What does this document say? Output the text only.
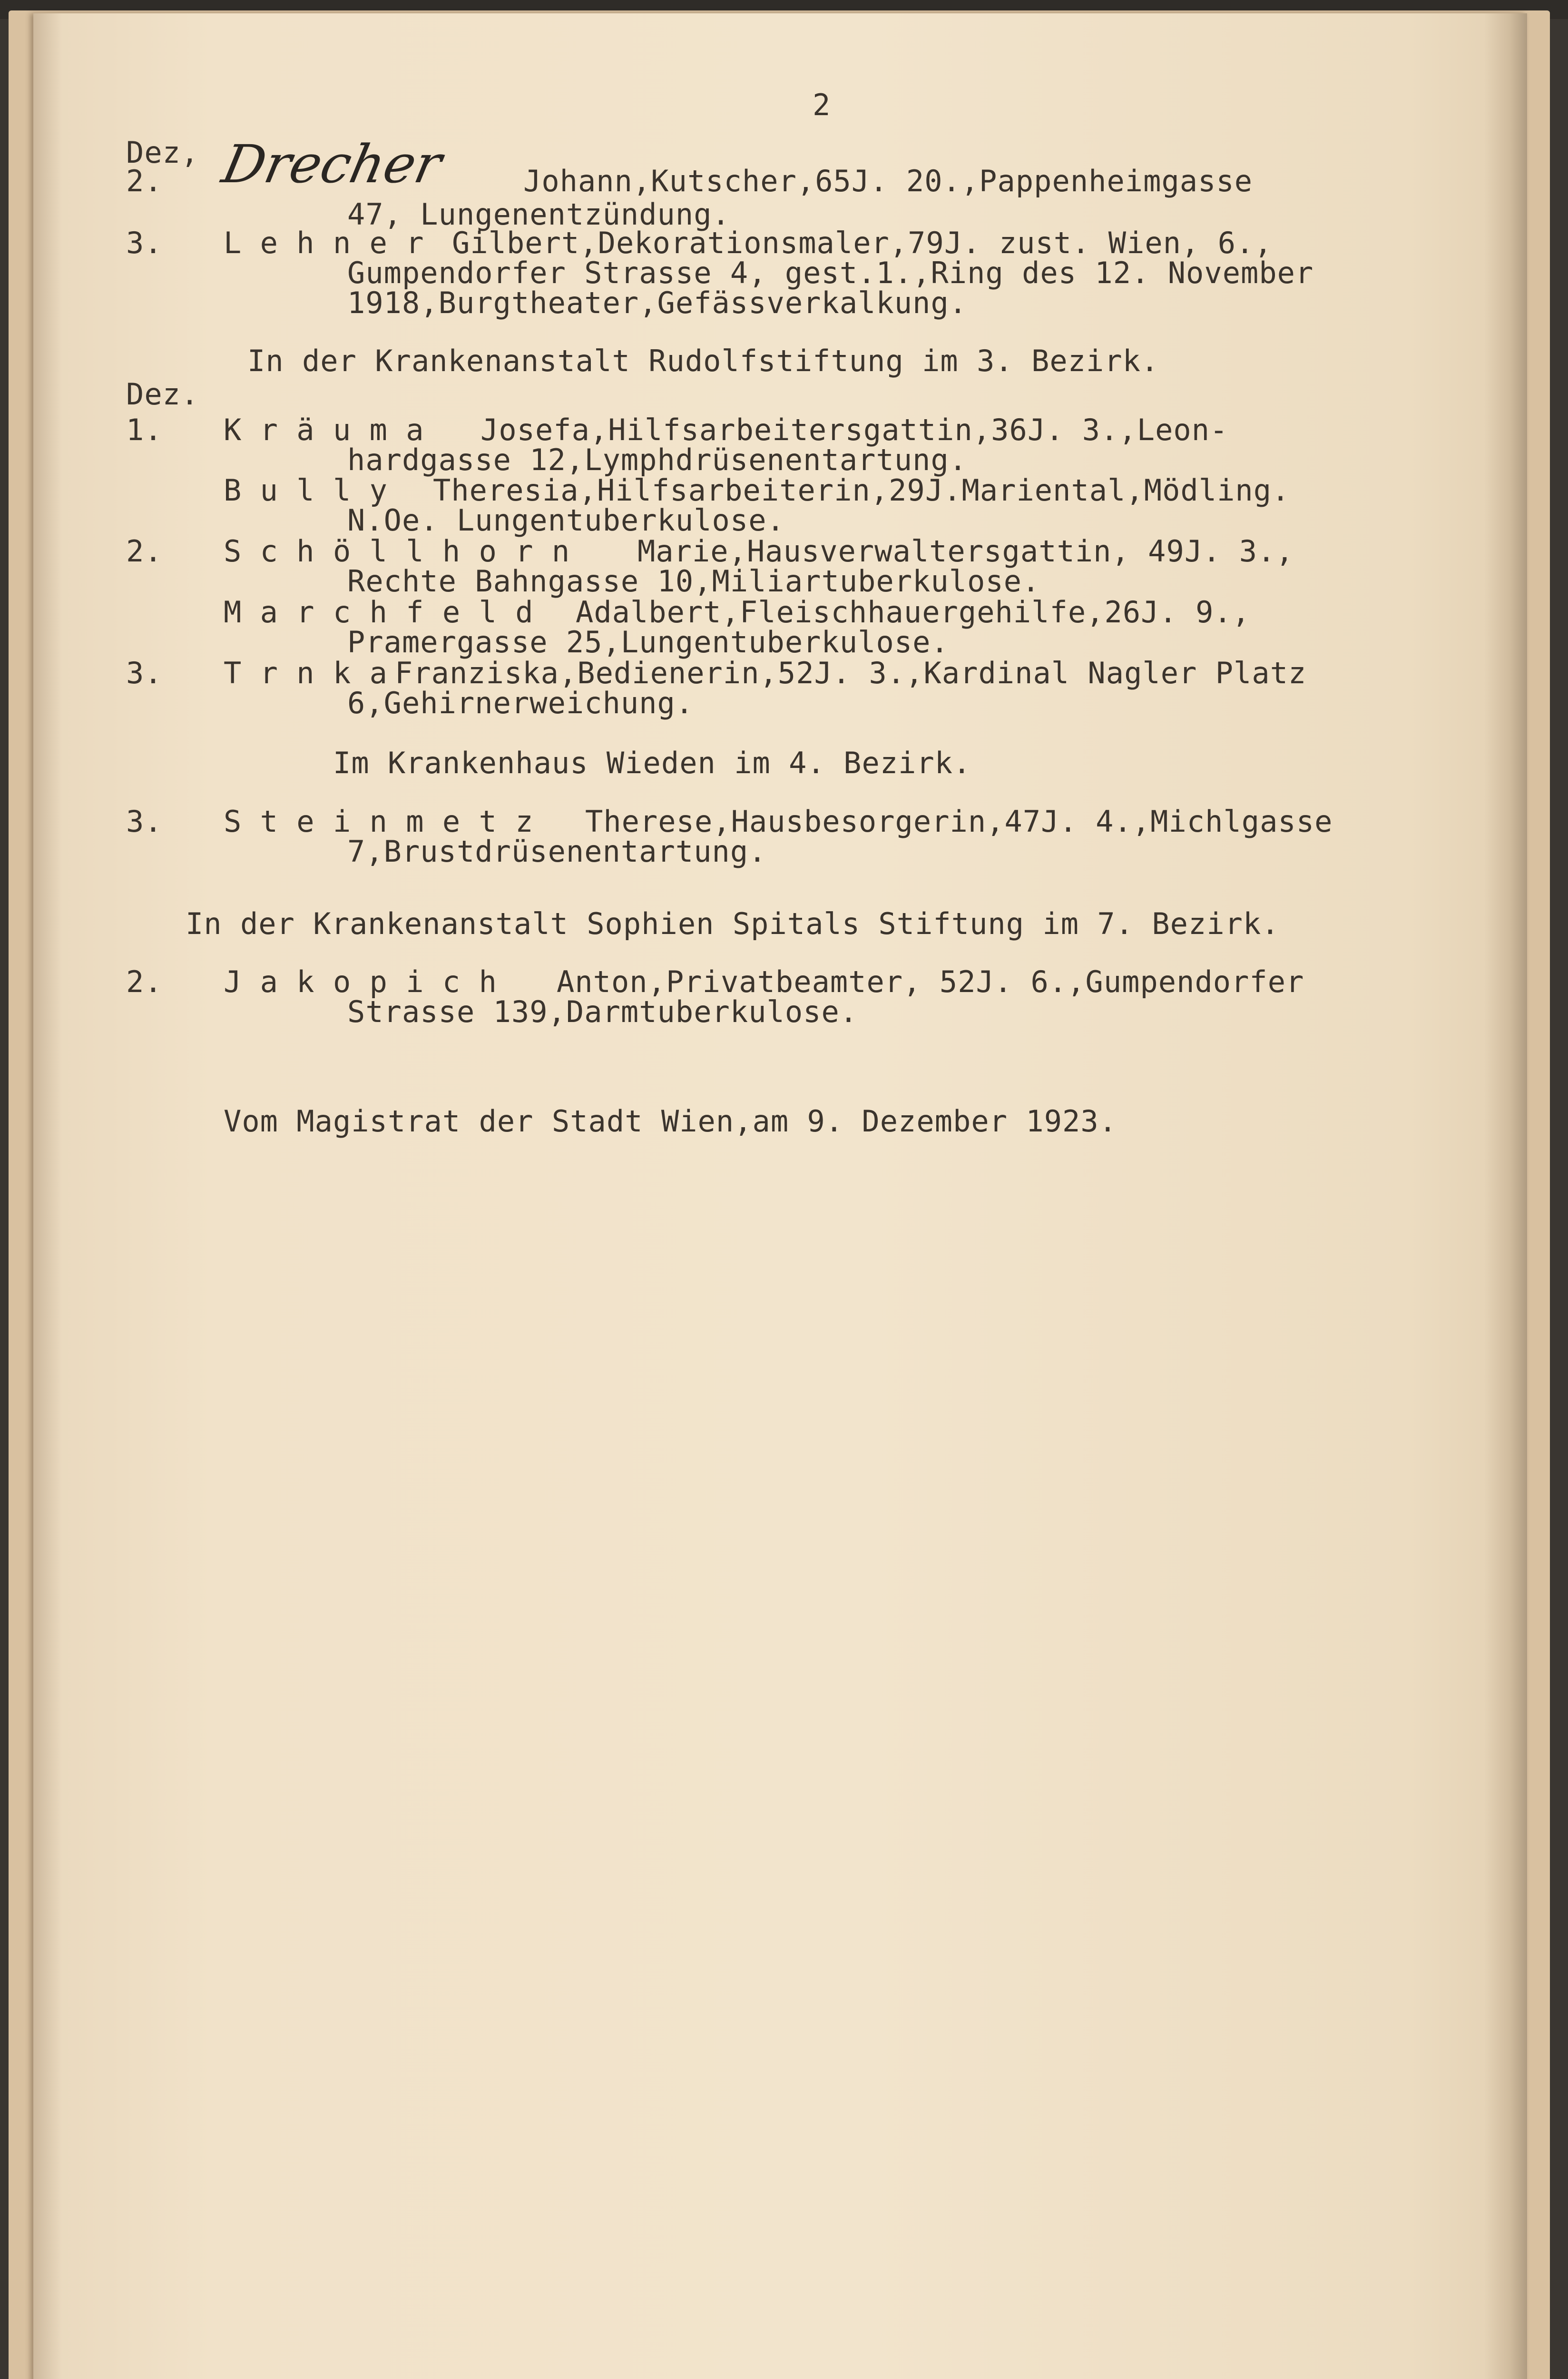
2
Dez,
2. Drecher	Johann,Kutscher,65J. 20.,Pappenheimgasse
47, Lungenentzündung.
3. L e h n e r Gilbert,Dekorationsmaler,79J. zust. Wien, 6.,
Gumpendorfer Strasse 4, gest.1.,Ring des 12. November
1918,Burgtheater,Gefässverkalkung.
In der Krankenanstalt Rudolfstiftung im 3. Bezirk.
Dez.
1. K r ä u m a Josefa,Hilfsarbeitersgattin,36J. 3.,Leon-
hardgasse 12,Lymphdrüsenentartung.
B u l l y Theresia,Hilfsarbeiterin,29J.Mariental,Mödling.
N.Oe. Lungentuberkulose.
2. S c h ö l l h o r n Marie,Hausverwaltersgattin, 49J. 3.,
Rechte Bahngasse 10,Miliartuberkulose.
M a r c h f e l d Adalbert,Fleischhauergehilfe,26J. 9.,
Pramergasse 25,Lungentuberkulose.
3. T r n k a Franziska,Bedienerin,52J. 3.,Kardinal Nagler Platz
6,Gehirnerweichung.
Im Krankenhaus Wieden im 4. Bezirk.
3. S t e i n m e t z Therese,Hausbesorgerin,47J. 4.,Michlgasse
7,Brustdrüsenentartung.
In der Krankenanstalt Sophien Spitals Stiftung im 7. Bezirk.
2. J a k o p i c h Anton,Privatbeamter, 52J. 6.,Gumpendorfer
Strasse 139,Darmtuberkulose.
Vom Magistrat der Stadt Wien,am 9. Dezember 1923.
